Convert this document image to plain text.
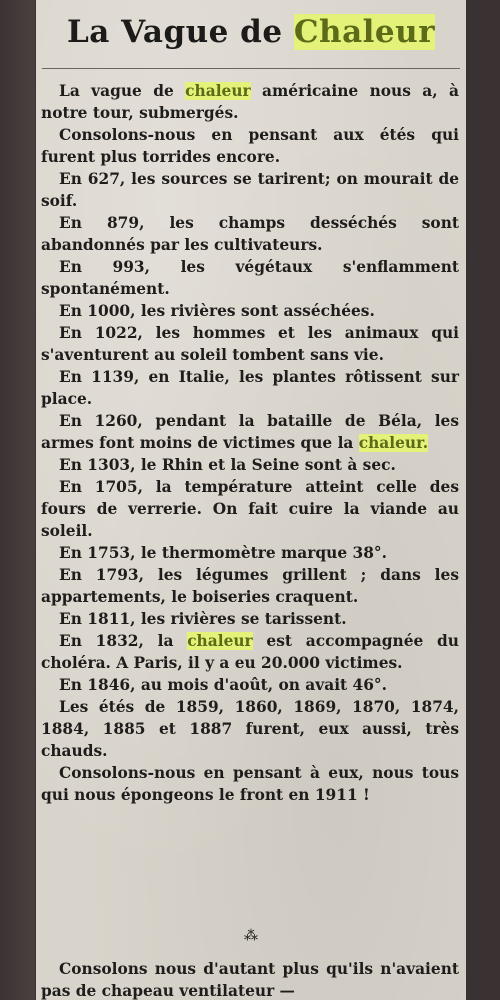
La Vague de Chaleur

La vague de chaleur américaine nous a, à notre tour, submergés.

Consolons-nous en pensant aux étés qui furent plus torrides encore.

En 627, les sources se tarirent; on mourait de soif.

En 879, les champs desséchés sont abandonnés par les cultivateurs.

En 993, les végétaux s'enflamment spontanément.

En 1000, les rivières sont asséchées.

En 1022, les hommes et les animaux qui s'aventurent au soleil tombent sans vie.

En 1139, en Italie, les plantes rôtissent sur place.

En 1260, pendant la bataille de Béla, les armes font moins de victimes que la chaleur.

En 1303, le Rhin et la Seine sont à sec.

En 1705, la température atteint celle des fours de verrerie. On fait cuire la viande au soleil.

En 1753, le thermomètre marque 38°.

En 1793, les légumes grillent ; dans les appartements, le boiseries craquent.

En 1811, les rivières se tarissent.

En 1832, la chaleur est accompagnée du choléra. A Paris, il y a eu 20.000 victimes.

En 1846, au mois d'août, on avait 46°.

Les étés de 1859, 1860, 1869, 1870, 1874, 1884, 1885 et 1887 furent, eux aussi, très chauds.

Consolons-nous en pensant à eux, nous tous qui nous épongeons le front en 1911 !

⁂
Consolons nous d'autant plus qu'ils n'avaient pas de chapeau ventilateur —
